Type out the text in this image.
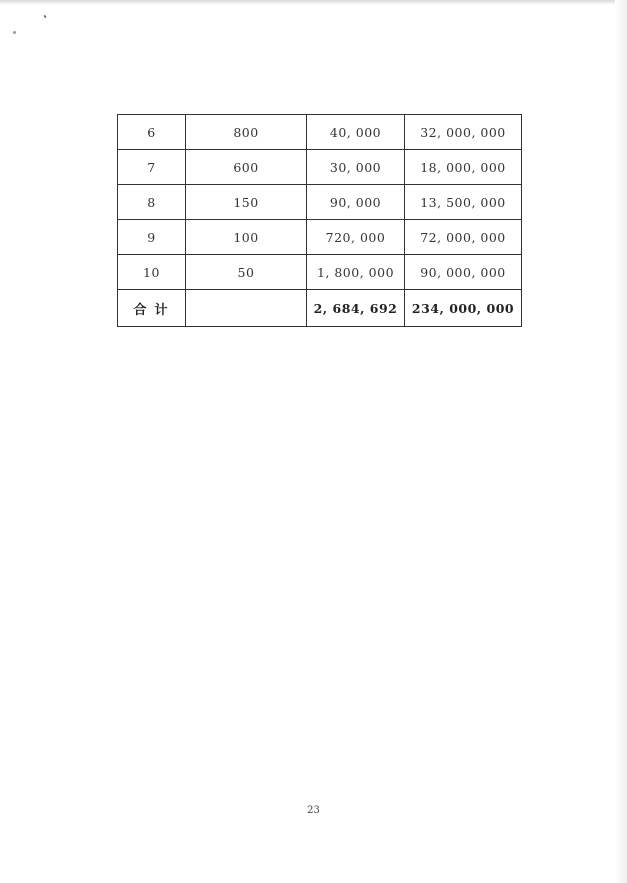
6	800	40, 000	32, 000, 000
7	600	30, 000	18, 000, 000
8	150	90, 000	13, 500, 000
9	100	720, 000	72, 000, 000
10	50	1, 800, 000	90, 000, 000
合计		2, 684, 692	234, 000, 000
23
